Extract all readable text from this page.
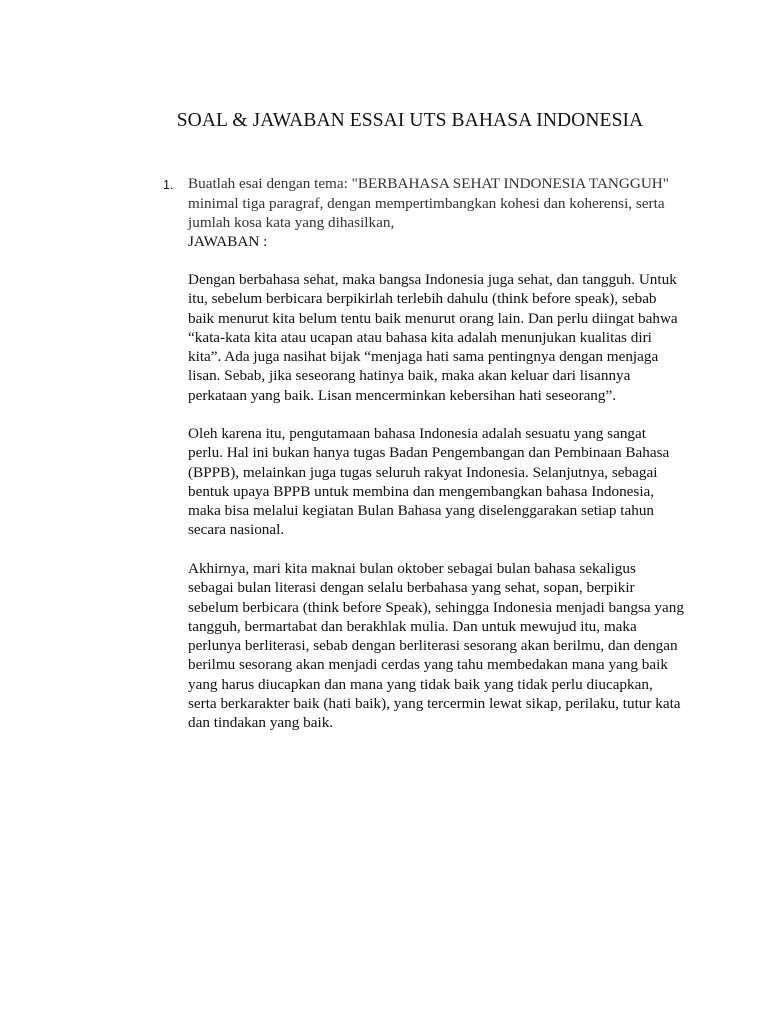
SOAL & JAWABAN ESSAI UTS BAHASA INDONESIA
1. Buatlah esai dengan tema: "BERBAHASA SEHAT INDONESIA TANGGUH" minimal tiga paragraf, dengan mempertimbangkan kohesi dan koherensi, serta jumlah kosa kata yang dihasilkan,
JAWABAN :

Dengan berbahasa sehat, maka bangsa Indonesia juga sehat, dan tangguh. Untuk itu, sebelum berbicara berpikirlah terlebih dahulu (think before speak), sebab baik menurut kita belum tentu baik menurut orang lain. Dan perlu diingat bahwa “kata-kata kita atau ucapan atau bahasa kita adalah menunjukan kualitas diri kita”. Ada juga nasihat bijak “menjaga hati sama pentingnya dengan menjaga lisan. Sebab, jika seseorang hatinya baik, maka akan keluar dari lisannya perkataan yang baik. Lisan mencerminkan kebersihan hati seseorang”.

Oleh karena itu, pengutamaan bahasa Indonesia adalah sesuatu yang sangat perlu. Hal ini bukan hanya tugas Badan Pengembangan dan Pembinaan Bahasa (BPPB), melainkan juga tugas seluruh rakyat Indonesia. Selanjutnya, sebagai bentuk upaya BPPB untuk membina dan mengembangkan bahasa Indonesia, maka bisa melalui kegiatan Bulan Bahasa yang diselenggarakan setiap tahun secara nasional.

Akhirnya, mari kita maknai bulan oktober sebagai bulan bahasa sekaligus sebagai bulan literasi dengan selalu berbahasa yang sehat, sopan, berpikir sebelum berbicara (think before Speak), sehingga Indonesia menjadi bangsa yang tangguh, bermartabat dan berakhlak mulia. Dan untuk mewujud itu, maka perlunya berliterasi, sebab dengan berliterasi sesorang akan berilmu, dan dengan berilmu sesorang akan menjadi cerdas yang tahu membedakan mana yang baik yang harus diucapkan dan mana yang tidak baik yang tidak perlu diucapkan, serta berkarakter baik (hati baik), yang tercermin lewat sikap, perilaku, tutur kata dan tindakan yang baik.
